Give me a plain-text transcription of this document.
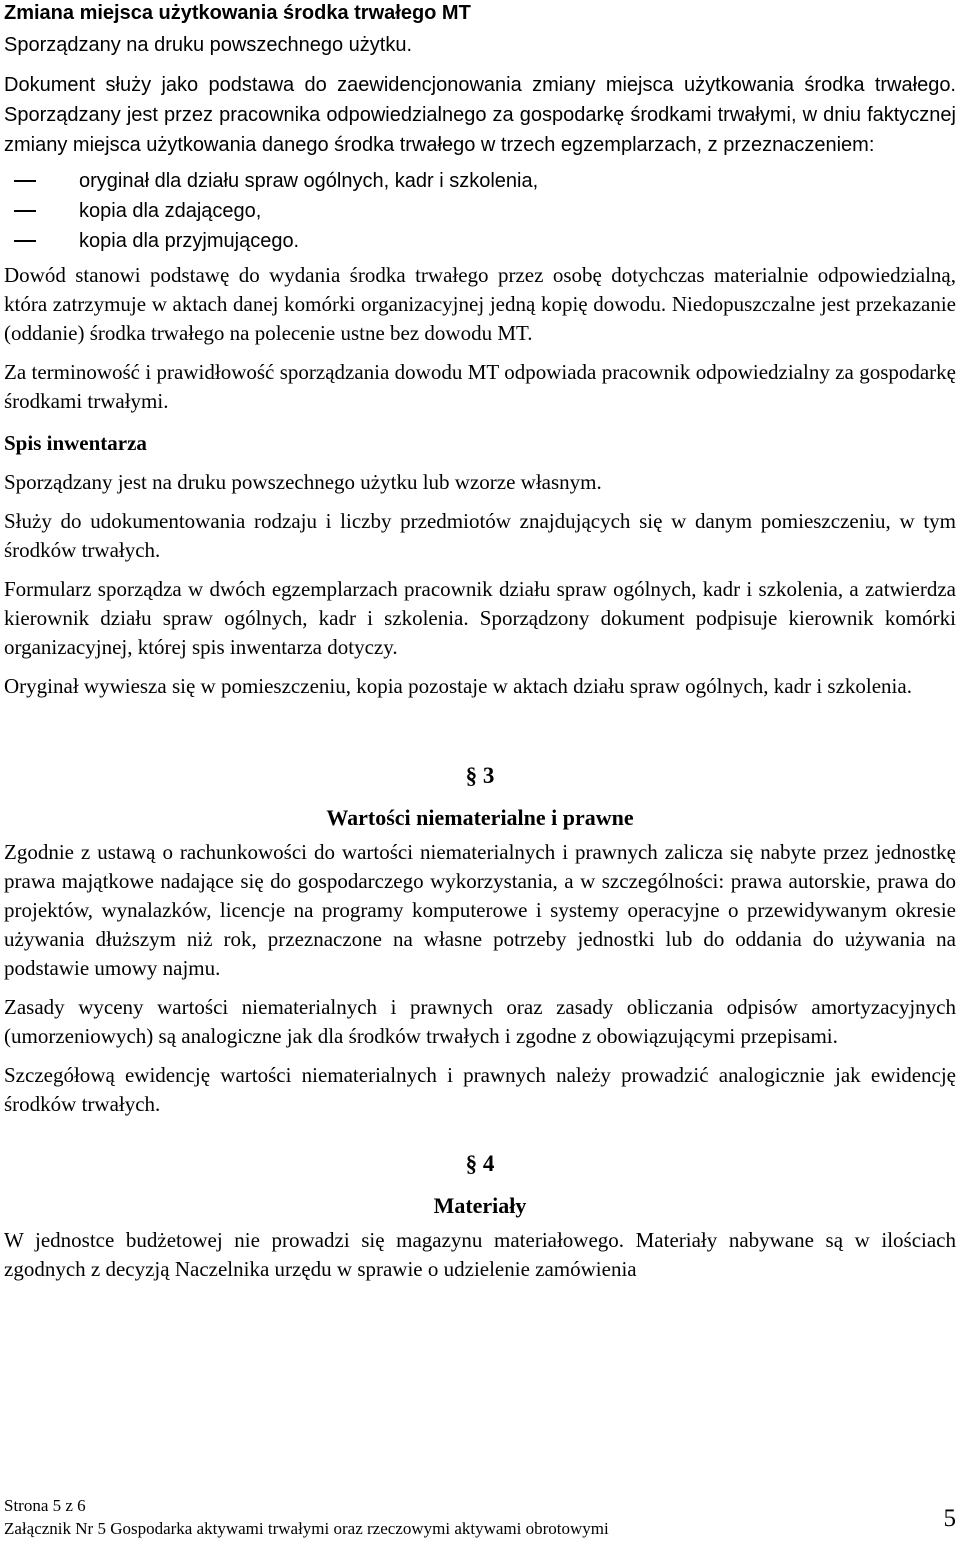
Zmiana miejsca użytkowania środka trwałego MT

Sporządzany na druku powszechnego użytku.

Dokument służy jako podstawa do zaewidencjonowania zmiany miejsca użytkowania środka trwałego. Sporządzany jest przez pracownika odpowiedzialnego za gospodarkę środkami trwałymi, w dniu faktycznej zmiany miejsca użytkowania danego środka trwałego w trzech egzemplarzach, z przeznaczeniem:

oryginał dla działu spraw ogólnych, kadr i szkolenia,
kopia dla zdającego,
kopia dla przyjmującego.

Dowód stanowi podstawę do wydania środka trwałego przez osobę dotychczas materialnie odpowiedzialną, która zatrzymuje w aktach danej komórki organizacyjnej jedną kopię dowodu. Niedopuszczalne jest przekazanie (oddanie) środka trwałego na polecenie ustne bez dowodu MT.

Za terminowość i prawidłowość sporządzania dowodu MT odpowiada pracownik odpowiedzialny za gospodarkę środkami trwałymi.

Spis inwentarza

Sporządzany jest na druku powszechnego użytku lub wzorze własnym.

Służy do udokumentowania rodzaju i liczby przedmiotów znajdujących się w danym pomieszczeniu, w tym środków trwałych.

Formularz sporządza w dwóch egzemplarzach pracownik działu spraw ogólnych, kadr i szkolenia, a zatwierdza kierownik działu spraw ogólnych, kadr i szkolenia. Sporządzony dokument podpisuje kierownik komórki organizacyjnej, której spis inwentarza dotyczy.

Oryginał wywiesza się w pomieszczeniu, kopia pozostaje w aktach działu spraw ogólnych, kadr i szkolenia.

§ 3

Wartości niematerialne i prawne

Zgodnie z ustawą o rachunkowości do wartości niematerialnych i prawnych zalicza się nabyte przez jednostkę prawa majątkowe nadające się do gospodarczego wykorzystania, a w szczególności: prawa autorskie, prawa do projektów, wynalazków, licencje na programy komputerowe i systemy operacyjne o przewidywanym okresie używania dłuższym niż rok, przeznaczone na własne potrzeby jednostki lub do oddania do używania na podstawie umowy najmu.

Zasady wyceny wartości niematerialnych i prawnych oraz zasady obliczania odpisów amortyzacyjnych (umorzeniowych) są analogiczne jak dla środków trwałych i zgodne z obowiązującymi przepisami.

Szczegółową ewidencję wartości niematerialnych i prawnych należy prowadzić analogicznie jak ewidencję środków trwałych.

§ 4

Materiały

W jednostce budżetowej nie prowadzi się magazynu materiałowego. Materiały nabywane są w ilościach zgodnych z decyzją Naczelnika urzędu w sprawie o udzielenie zamówienia

Strona 5 z 6
Załącznik Nr 5 Gospodarka aktywami trwałymi oraz rzeczowymi aktywami obrotowymi	5
